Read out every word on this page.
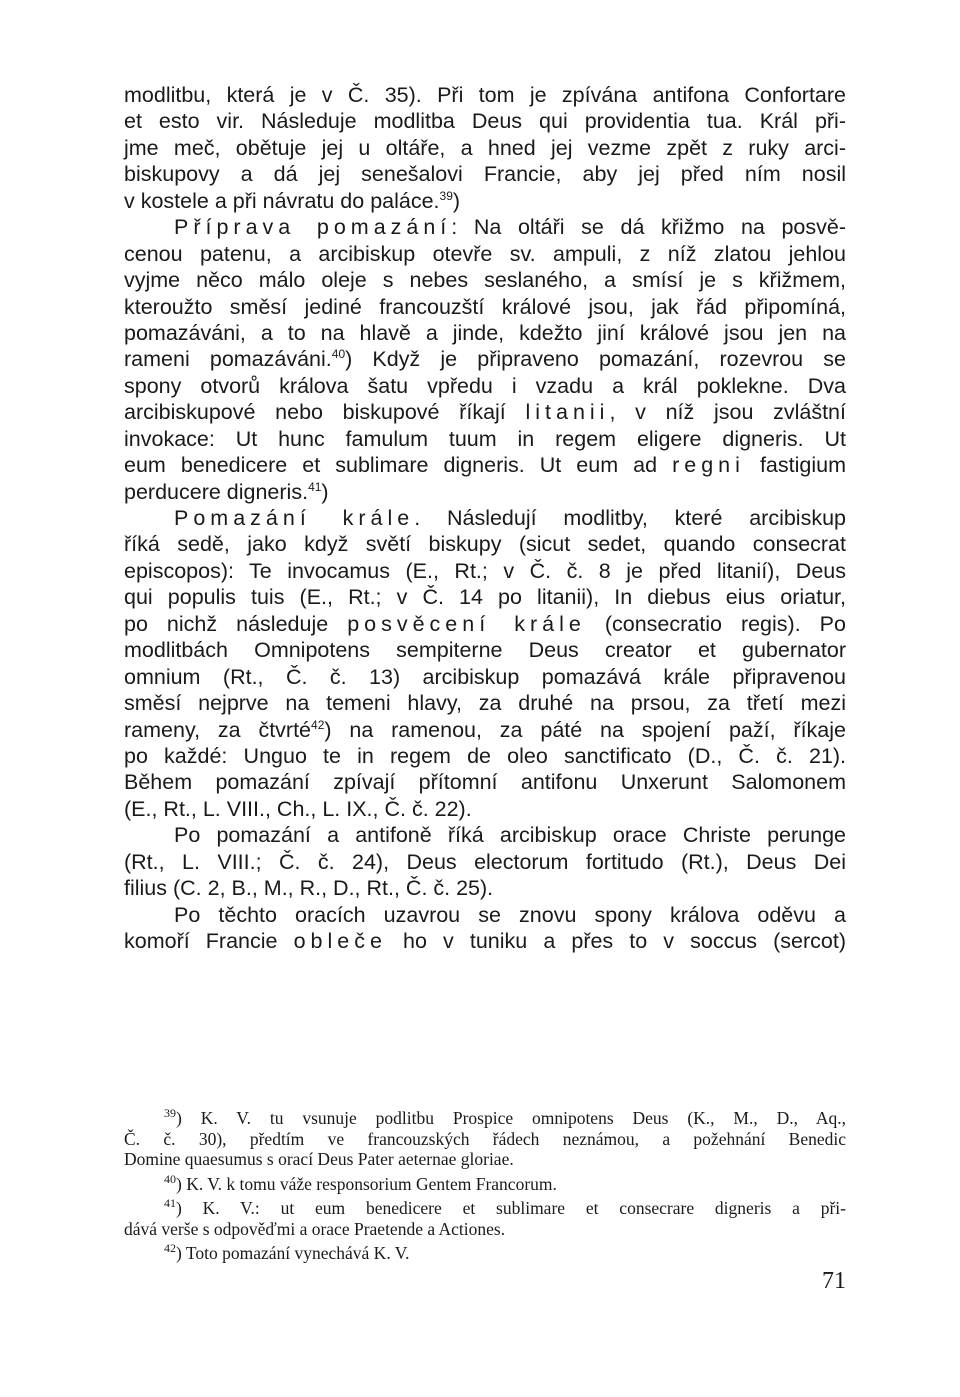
modlitbu, která je v Č. 35). Při tom je zpívána antifona Confortare
et esto vir. Následuje modlitba Deus qui providentia tua. Král při-
jme meč, obětuje jej u oltáře, a hned jej vezme zpět z ruky arci-
biskupovy a dá jej senešalovi Francie, aby jej před ním nosil
v kostele a při návratu do paláce.$^{39}$)
Příprava pomazání: Na oltáři se dá křižmo na posvě-
cenou patenu, a arcibiskup otevře sv. ampuli, z níž zlatou jehlou
vyjme něco málo oleje s nebes seslaného, a smísí je s křižmem,
kteroužto směsí jediné francouzští králové jsou, jak řád připomíná,
pomazáváni, a to na hlavě a jinde, kdežto jiní králové jsou jen na
rameni pomazáváni.$^{40}$) Když je připraveno pomazání, rozevrou se
spony otvorů králova šatu vpředu i vzadu a král poklekne. Dva
arcibiskupové nebo biskupové říkají litanii, v níž jsou zvláštní
invokace: Ut hunc famulum tuum in regem eligere digneris. Ut
eum benedicere et sublimare digneris. Ut eum ad regni fastigium
perducere digneris.$^{41}$)
Pomazání krále. Následují modlitby, které arcibiskup
říká sedě, jako když světí biskupy (sicut sedet, quando consecrat
episcopos): Te invocamus (E., Rt.; v Č. č. 8 je před litanií), Deus
qui populis tuis (E., Rt.; v Č. 14 po litanii), In diebus eius oriatur,
po nichž následuje posvěcení krále (consecratio regis). Po
modlitbách Omnipotens sempiterne Deus creator et gubernator
omnium (Rt., Č. č. 13) arcibiskup pomazává krále připravenou
směsí nejprve na temeni hlavy, za druhé na prsou, za třetí mezi
rameny, za čtvrté$^{42}$) na ramenou, za páté na spojení paží, říkaje
po každé: Unguo te in regem de oleo sanctificato (D., Č. č. 21).
Během pomazání zpívají přítomní antifonu Unxerunt Salomonem
(E., Rt., L. VIII., Ch., L. IX., Č. č. 22).
Po pomazání a antifoně říká arcibiskup orace Christe perunge
(Rt., L. VIII.; Č. č. 24), Deus electorum fortitudo (Rt.), Deus Dei
filius (C. 2, B., M., R., D., Rt., Č. č. 25).
Po těchto oracích uzavrou se znovu spony králova oděvu a
komoří Francie obleče ho v tuniku a přes to v soccus (sercot)
$^{39}$) K. V. tu vsunuje podlitbu Prospice omnipotens Deus (K., M., D., Aq.,
Č. č. 30), předtím ve francouzských řádech neznámou, a požehnání Benedic
Domine quaesumus s orací Deus Pater aeternae gloriae.
$^{40}$) K. V. k tomu váže responsorium Gentem Francorum.
$^{41}$) K. V.: ut eum benedicere et sublimare et consecrare digneris a při-
dává verše s odpověďmi a orace Praetende a Actiones.
$^{42}$) Toto pomazání vynechává K. V.
71
